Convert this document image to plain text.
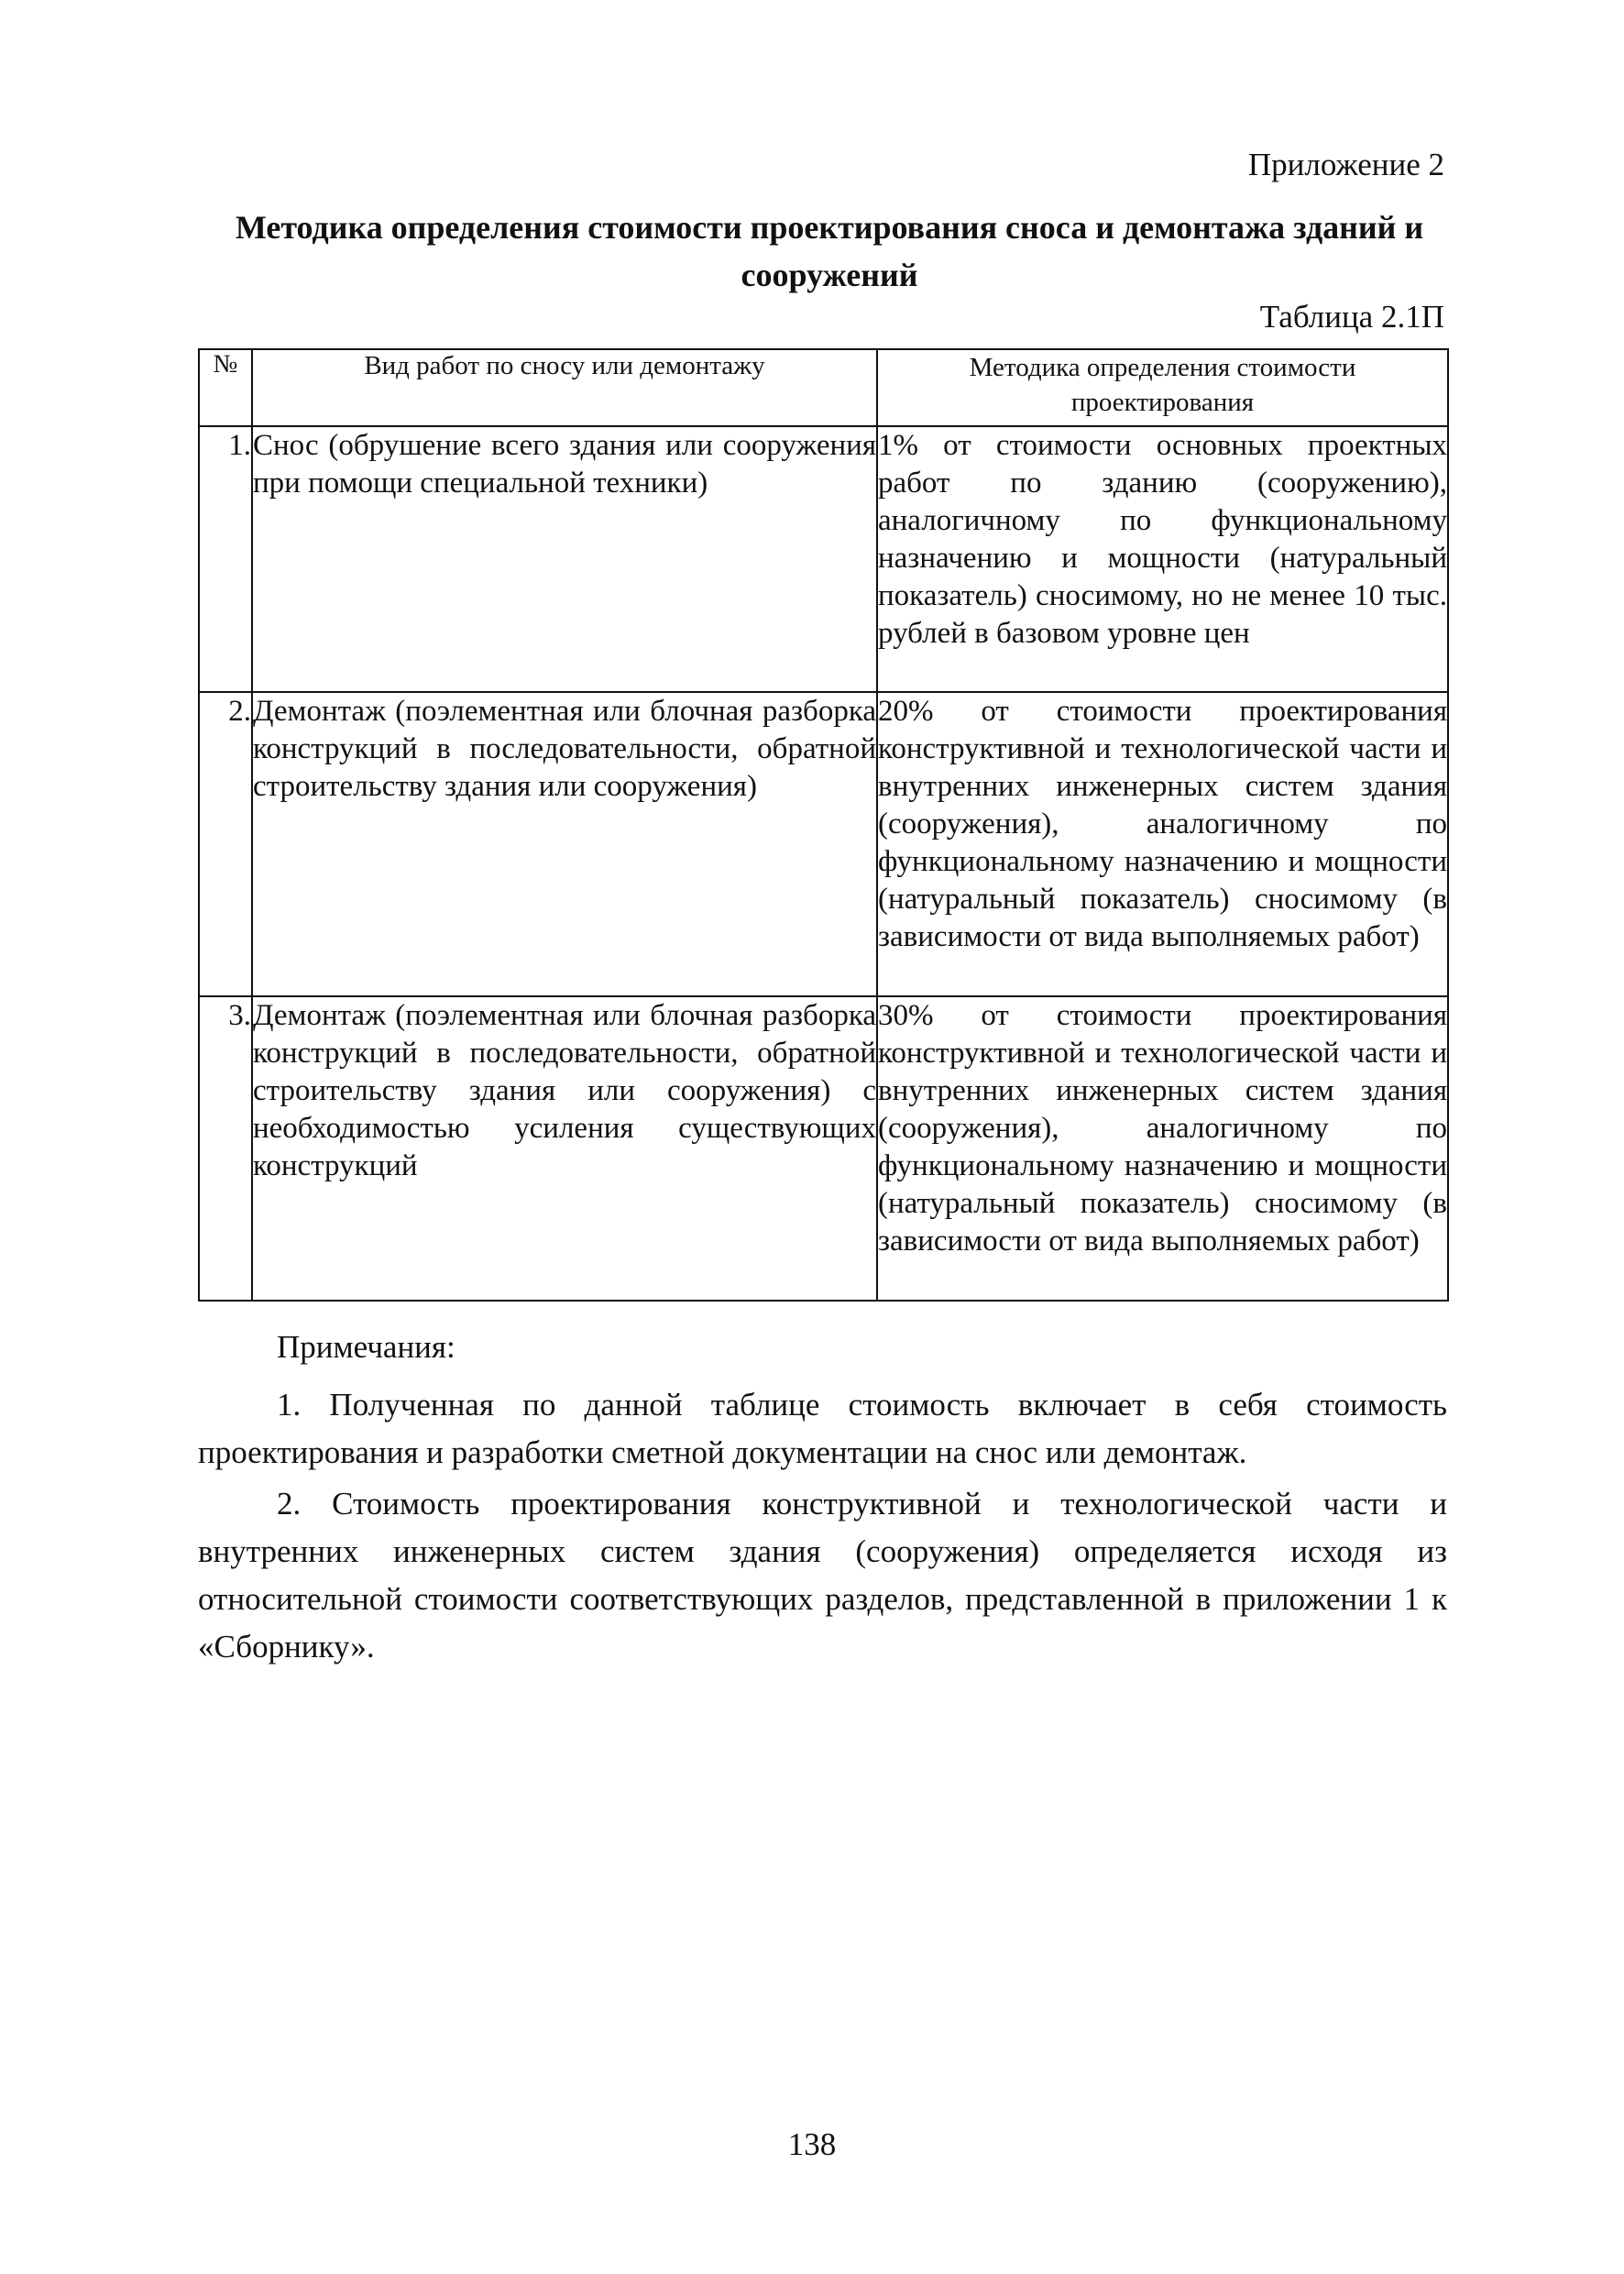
Приложение 2
Методика определения стоимости проектирования сноса и демонтажа зданий и сооружений
Таблица 2.1П
№	Вид работ по сносу или демонтажу	Методика определения стоимости проектирования
1.	Снос (обрушение всего здания или сооружения при помощи специальной техники)	1% от стоимости основных проектных работ по зданию (сооружению), аналогичному по функциональному назначению и мощности (натуральный показатель) сносимому, но не менее 10 тыс. рублей в базовом уровне цен
2.	Демонтаж (поэлементная или блочная разборка конструкций в последовательности, обратной строительству здания или сооружения)	20% от стоимости проектирования конструктивной и технологической части и внутренних инженерных систем здания (сооружения), аналогичному по функциональному назначению и мощности (натуральный показатель) сносимому (в зависимости от вида выполняемых работ)
3.	Демонтаж (поэлементная или блочная разборка конструкций в последовательности, обратной строительству здания или сооружения) с необходимостью усиления существующих конструкций	30% от стоимости проектирования конструктивной и технологической части и внутренних инженерных систем здания (сооружения), аналогичному по функциональному назначению и мощности (натуральный показатель) сносимому (в зависимости от вида выполняемых работ)
Примечания:

1. Полученная по данной таблице стоимость включает в себя стоимость проектирования и разработки сметной документации на снос или демонтаж.

2. Стоимость проектирования конструктивной и технологической части и внутренних инженерных систем здания (сооружения) определяется исходя из относительной стоимости соответствующих разделов, представленной в приложении 1 к «Сборнику».

138
